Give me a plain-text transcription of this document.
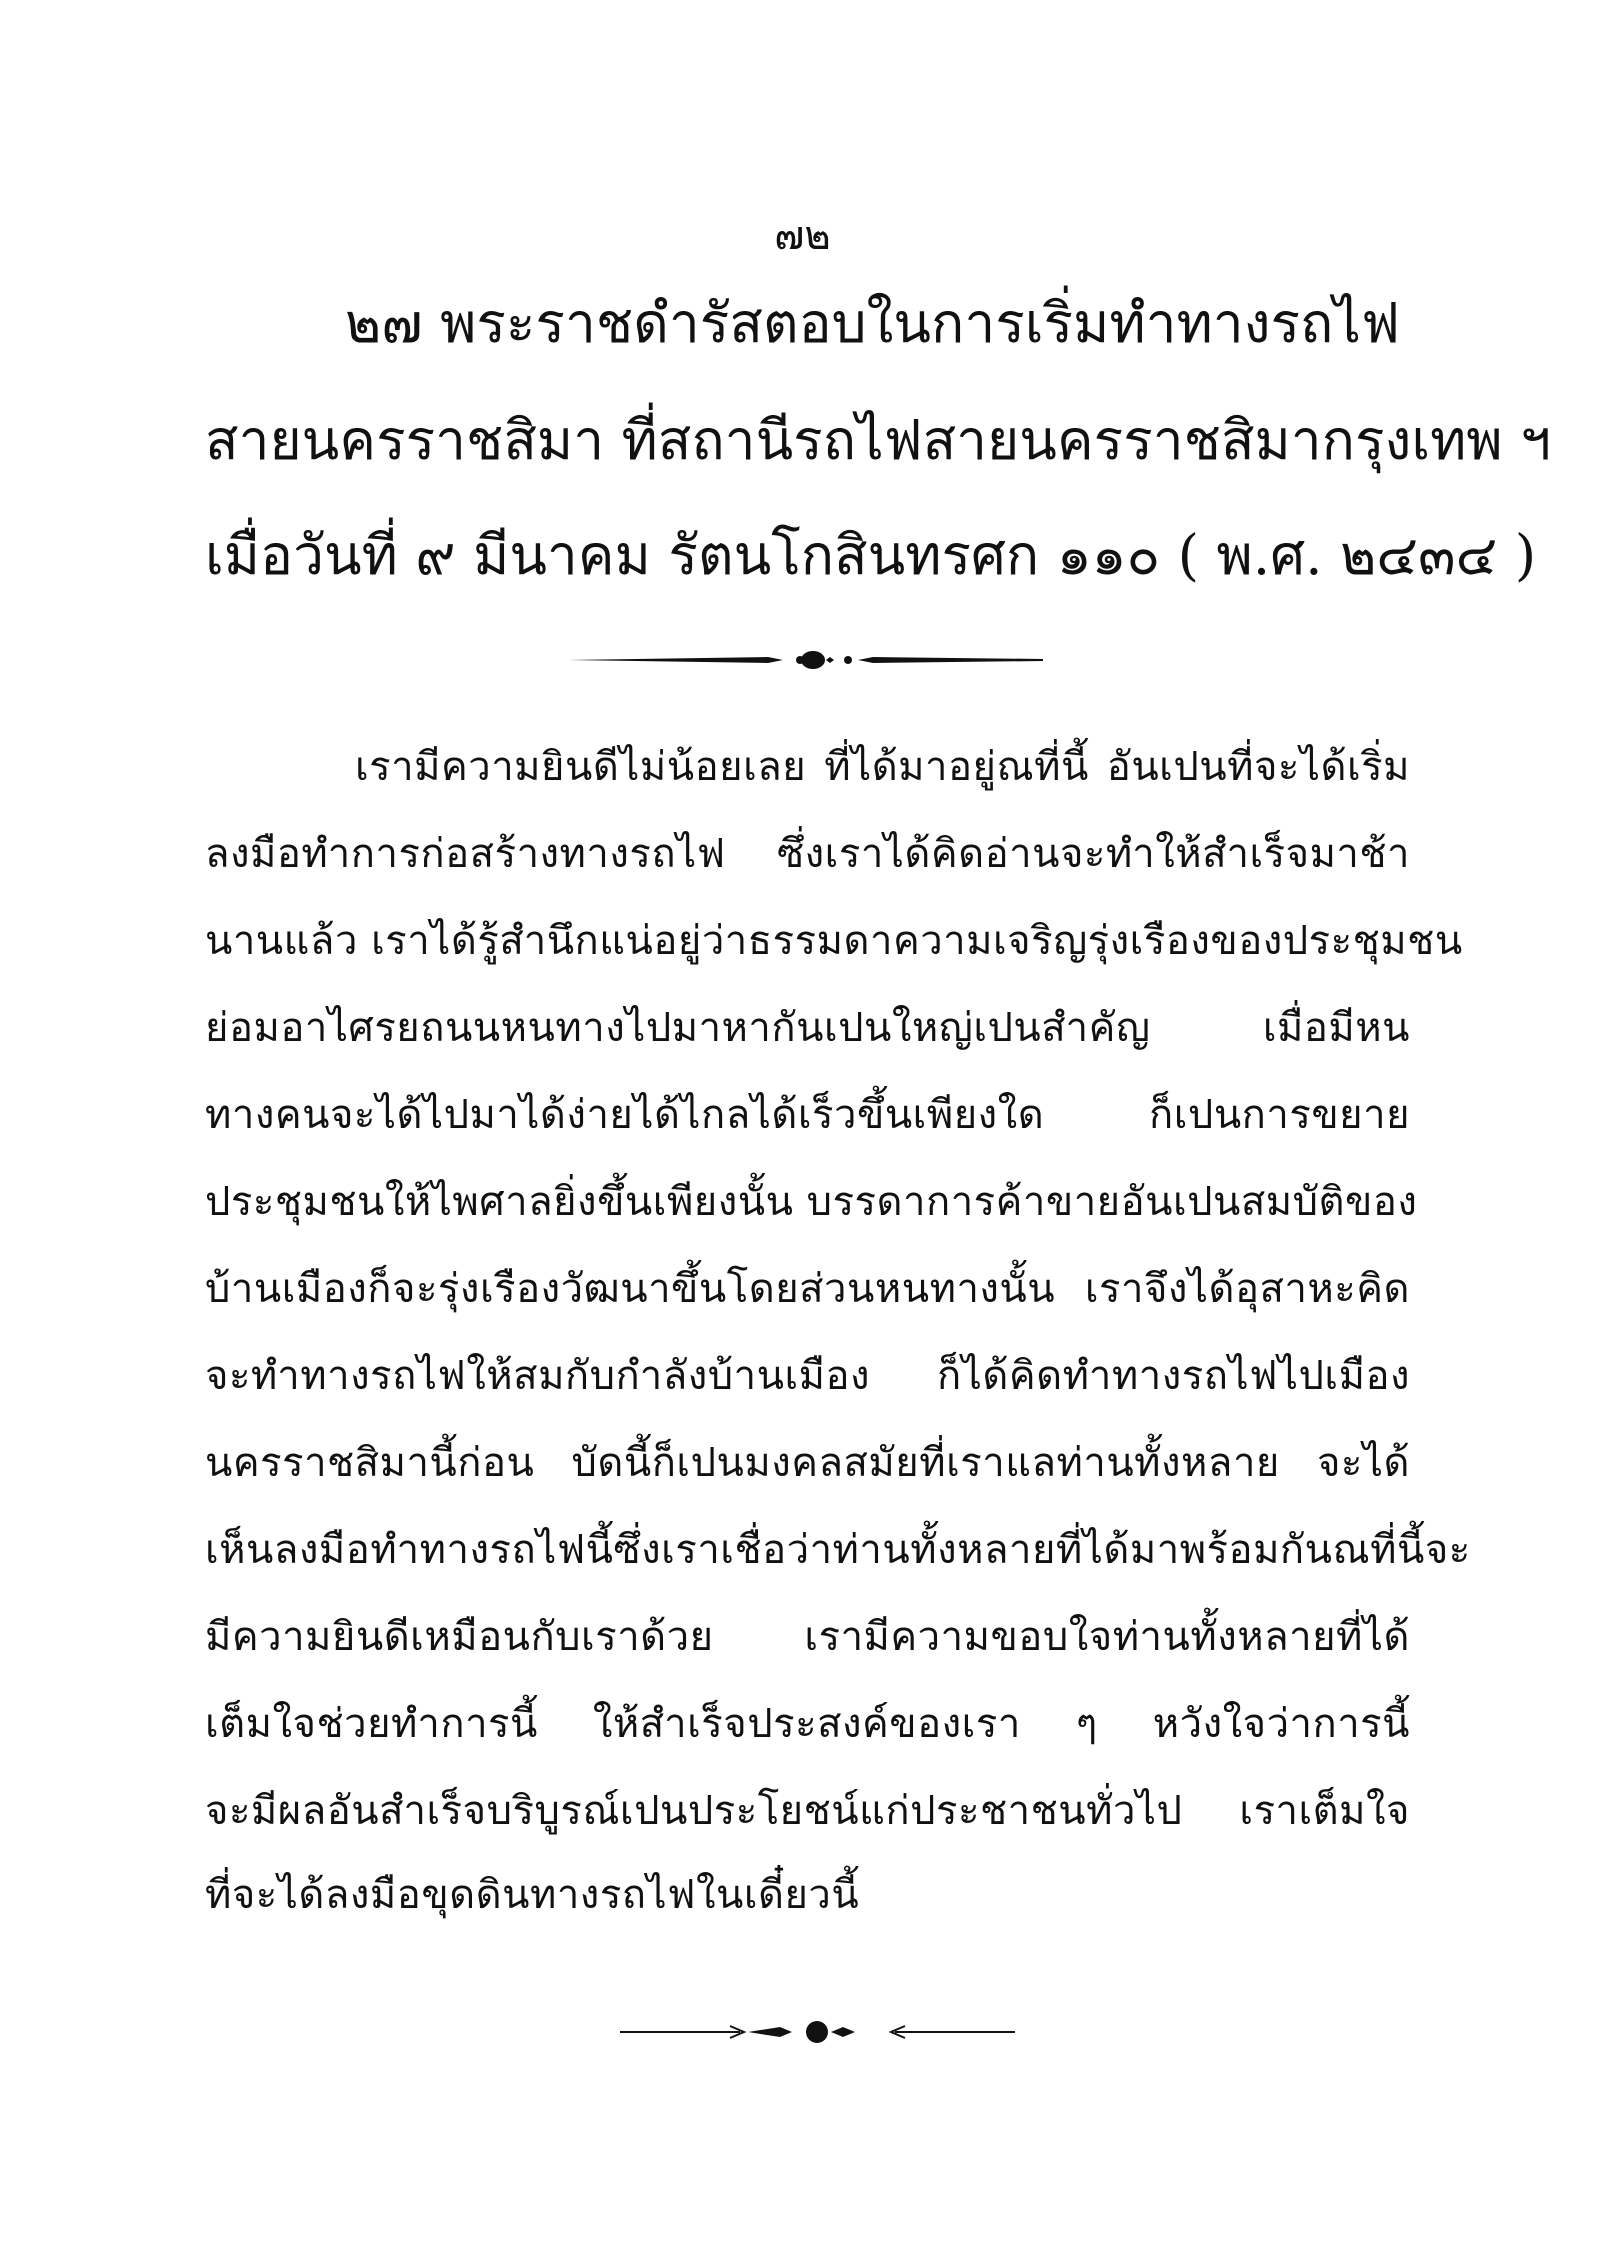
๗๒
๒๗ พระราชดำรัสตอบในการเริ่มทำทางรถไฟ
สายนครราชสิมา ที่สถานีรถไฟสายนครราชสิมากรุงเทพ ฯ
เมื่อวันที่ ๙ มีนาคม รัตนโกสินทรศก ๑๑๐ ( พ.ศ. ๒๔๓๔ )
เรามีความยินดีไม่น้อยเลย ที่ได้มาอยู่ณที่นี้ อันเปนที่จะได้เริ่ม
ลงมือทำการก่อสร้างทางรถไฟ ซึ่งเราได้คิดอ่านจะทำให้สำเร็จมาช้า
นานแล้ว เราได้รู้สำนึกแน่อยู่ว่าธรรมดาความเจริญรุ่งเรืองของประชุมชน
ย่อมอาไศรยถนนหนทางไปมาหากันเปนใหญ่เปนสำคัญ เมื่อมีหน
ทางคนจะได้ไปมาได้ง่ายได้ไกลได้เร็วขึ้นเพียงใด ก็เปนการขยาย
ประชุมชนให้ไพศาลยิ่งขึ้นเพียงนั้น บรรดาการค้าขายอันเปนสมบัติของ
บ้านเมืองก็จะรุ่งเรืองวัฒนาขึ้นโดยส่วนหนทางนั้น เราจึงได้อุสาหะคิด
จะทำทางรถไฟให้สมกับกำลังบ้านเมือง ก็ได้คิดทำทางรถไฟไปเมือง
นครราชสิมานี้ก่อน บัดนี้ก็เปนมงคลสมัยที่เราแลท่านทั้งหลาย จะได้
เห็นลงมือทำทางรถไฟนี้ซึ่งเราเชื่อว่าท่านทั้งหลายที่ได้มาพร้อมกันณที่นี้จะ
มีความยินดีเหมือนกับเราด้วย เรามีความขอบใจท่านทั้งหลายที่ได้
เต็มใจช่วยทำการนี้ ให้สำเร็จประสงค์ของเรา ๆ หวังใจว่าการนี้
จะมีผลอันสำเร็จบริบูรณ์เปนประโยชน์แก่ประชาชนทั่วไป เราเต็มใจ
ที่จะได้ลงมือขุดดินทางรถไฟในเดี๋ยวนี้
